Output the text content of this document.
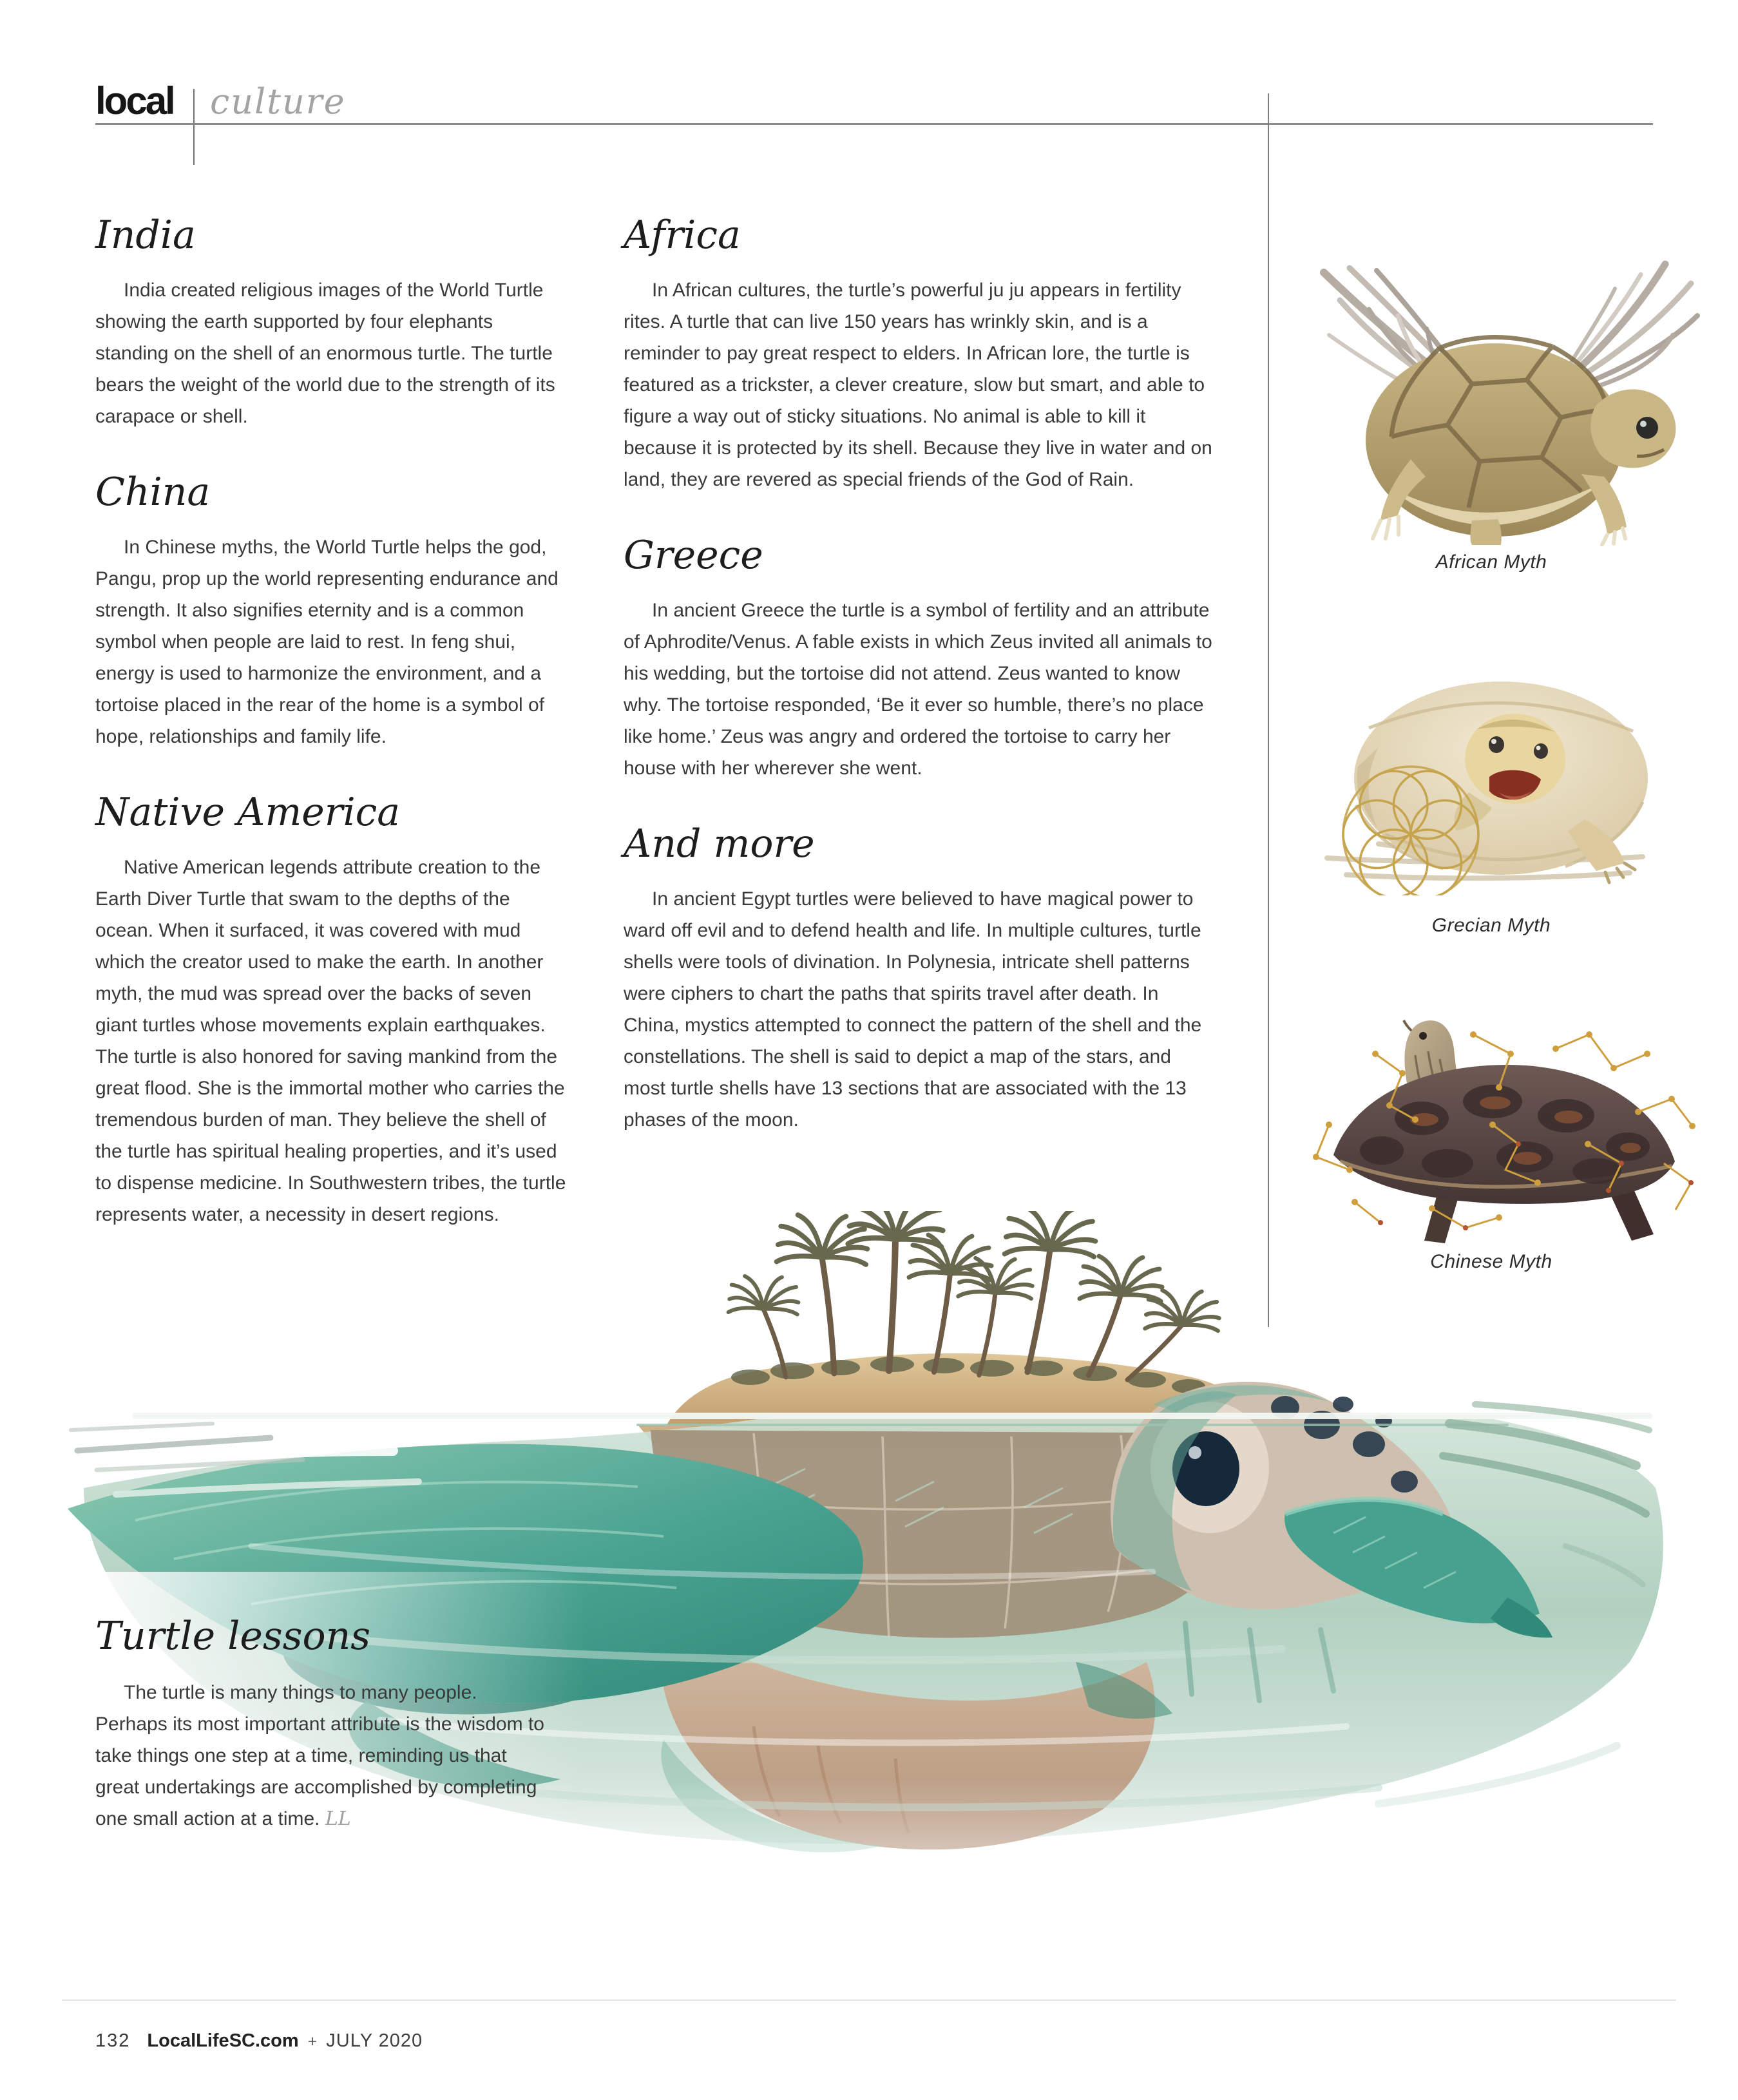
local culture
India

India created religious images of the World Turtle showing the earth supported by four elephants standing on the shell of an enormous turtle. The turtle bears the weight of the world due to the strength of its carapace or shell.

China

In Chinese myths, the World Turtle helps the god, Pangu, prop up the world representing endurance and strength. It also signifies eternity and is a common symbol when people are laid to rest. In feng shui, energy is used to harmonize the environment, and a tortoise placed in the rear of the home is a symbol of hope, relationships and family life.

Native America

Native American legends attribute creation to the Earth Diver Turtle that swam to the depths of the ocean. When it surfaced, it was covered with mud which the creator used to make the earth. In another myth, the mud was spread over the backs of seven giant turtles whose movements explain earthquakes. The turtle is also honored for saving mankind from the great flood. She is the immortal mother who carries the tremendous burden of man. They believe the shell of the turtle has spiritual healing properties, and it’s used to dispense medicine. In Southwestern tribes, the turtle represents water, a necessity in desert regions.

Africa

In African cultures, the turtle’s powerful ju ju appears in fertility rites. A turtle that can live 150 years has wrinkly skin, and is a reminder to pay great respect to elders. In African lore, the turtle is featured as a trickster, a clever creature, slow but smart, and able to figure a way out of sticky situations. No animal is able to kill it because it is protected by its shell. Because they live in water and on land, they are revered as special friends of the God of Rain.

Greece

In ancient Greece the turtle is a symbol of fertility and an attribute of Aphrodite/Venus. A fable exists in which Zeus invited all animals to his wedding, but the tortoise did not attend. Zeus wanted to know why. The tortoise responded, ‘Be it ever so humble, there’s no place like home.’ Zeus was angry and ordered the tortoise to carry her house with her wherever she went.

And more

In ancient Egypt turtles were believed to have magical power to ward off evil and to defend health and life. In multiple cultures, turtle shells were tools of divination. In Polynesia, intricate shell patterns were ciphers to chart the paths that spirits travel after death. In China, mystics attempted to connect the pattern of the shell and the constellations. The shell is said to depict a map of the stars, and most turtle shells have 13 sections that are associated with the 13 phases of the moon.

African Myth
Grecian Myth
Chinese Myth
Turtle lessons

The turtle is many things to many people. Perhaps its most important attribute is the wisdom to take things one step at a time, reminding us that great undertakings are accomplished by completing one small action at a time. LL

132 LocalLifeSC.com + JULY 2020
